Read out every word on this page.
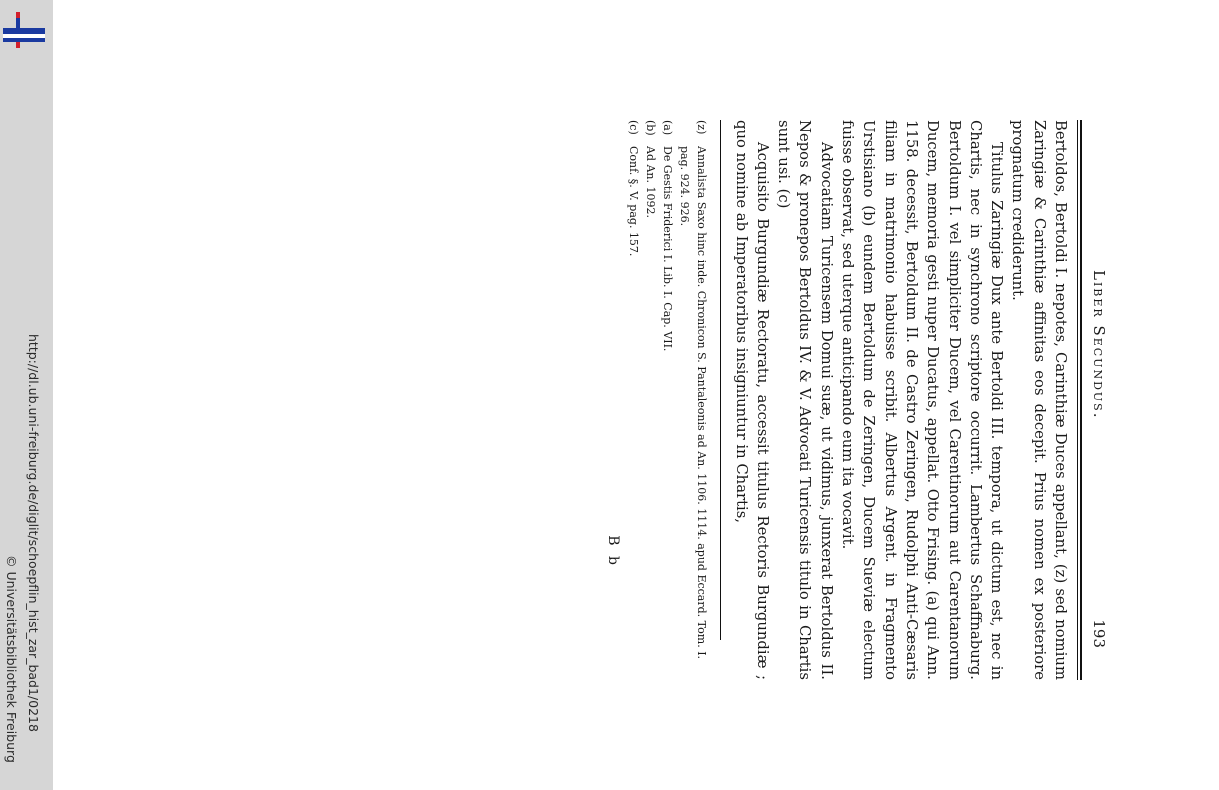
http://dl.ub.uni-freiburg.de/diglit/schoepflin_hist_zar_bad1/0218
© Universitätsbibliothek Freiburg
Liber Secundus.
193

Bertoldos, Bertoldi I. nepotes, Carinthiæ Duces appellant, (z) sed nomium Zaringiæ & Carinthiæ affinitas eos decepit. Prius nomen ex posteriore prognatum crediderunt.

Titulus Zaringiæ Dux ante Bertoldi III. tempora, ut dictum est, nec in Chartis, nec in synchrono scriptore occurrit. Lambertus Schaffnaburg. Bertoldum I. vel simpliciter Ducem, vel Carentinorum aut Carentanorum Ducem, memoria gesti nuper Ducatus, appellat. Otto Frising. (a) qui Ann. 1158. decessit, Bertoldum II. de Castro Zeringen, Rudolphi Anti-Cæsaris filiam in matrimonio habuisse scribit. Albertus Argent. in Fragmento Urstisiano (b) eundem Bertoldum de Zeringen, Ducem Sueviæ electum fuisse observat, sed uterque anticipando eum ita vocavit.

Advocatiam Turicensem Domui suæ, ut vidimus, junxerat Bertoldus II. Nepos & pronepos Bertoldus IV. & V. Advocati Turicensis titulo in Chartis sunt usi. (c)

Acquisito Burgundiæ Rectoratu, accessit titulus Rectoris Burgundiæ ; quo nomine ab Imperatoribus insigniuntur in Chartis,

(z)Annalista Saxo hinc inde. Chronicon S. Pantaleonis ad An. 1106. 1114. apud Eccard. Tom. I. pag. 924. 926.

(a)De Gestis Friderici I. Lib. I. Cap. VII.

(b)Ad An. 1092.

(c)Conf. §. V. pag. 157.

B b
